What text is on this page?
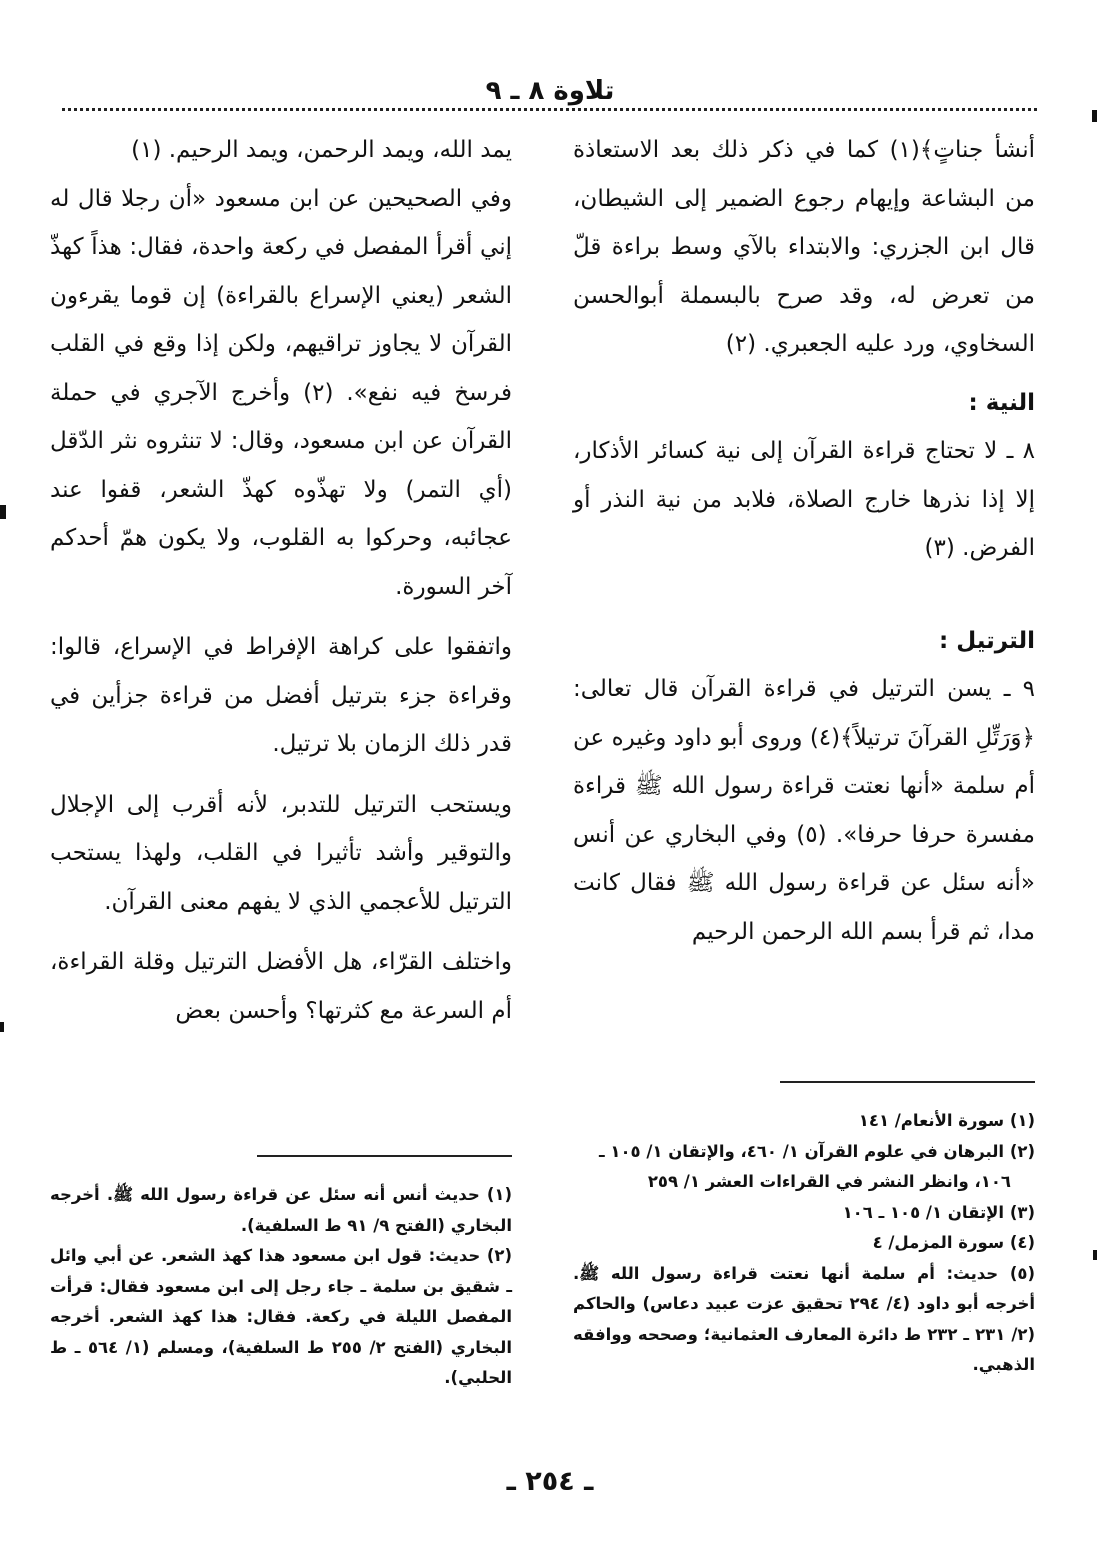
تلاوة ٨ ـ ٩

أنشأ جناتٍ﴾(١) كما في ذكر ذلك بعد الاستعاذة من البشاعة وإيهام رجوع الضمير إلى الشيطان، قال ابن الجزري: والابتداء بالآي وسط براءة قلّ من تعرض له، وقد صرح بالبسملة أبوالحسن السخاوي، ورد عليه الجعبري. (٢)

النية :

٨ ـ لا تحتاج قراءة القرآن إلى نية كسائر الأذكار، إلا إذا نذرها خارج الصلاة، فلابد من نية النذر أو الفرض. (٣)

الترتيل :

٩ ـ يسن الترتيل في قراءة القرآن قال تعالى: ﴿وَرَتِّلِ القرآنَ ترتيلاً﴾(٤) وروى أبو داود وغيره عن أم سلمة «أنها نعتت قراءة رسول الله ﷺ قراءة مفسرة حرفا حرفا». (٥) وفي البخاري عن أنس «أنه سئل عن قراءة رسول الله ﷺ فقال كانت مدا، ثم قرأ بسم الله الرحمن الرحيم

يمد الله، ويمد الرحمن، ويمد الرحيم. (١)

وفي الصحيحين عن ابن مسعود «أن رجلا قال له إني أقرأ المفصل في ركعة واحدة، فقال: هذاً كهذّ الشعر (يعني الإسراع بالقراءة) إن قوما يقرءون القرآن لا يجاوز تراقيهم، ولكن إذا وقع في القلب فرسخ فيه نفع». (٢) وأخرج الآجري في حملة القرآن عن ابن مسعود، وقال: لا تنثروه نثر الدّقل (أي التمر) ولا تهذّوه كهذّ الشعر، قفوا عند عجائبه، وحركوا به القلوب، ولا يكون همّ أحدكم آخر السورة.

واتفقوا على كراهة الإفراط في الإسراع، قالوا: وقراءة جزء بترتيل أفضل من قراءة جزأين في قدر ذلك الزمان بلا ترتيل.

ويستحب الترتيل للتدبر، لأنه أقرب إلى الإجلال والتوقير وأشد تأثيرا في القلب، ولهذا يستحب الترتيل للأعجمي الذي لا يفهم معنى القرآن.

واختلف القرّاء، هل الأفضل الترتيل وقلة القراءة، أم السرعة مع كثرتها؟ وأحسن بعض

(١) سورة الأنعام/ ١٤١

(٢) البرهان في علوم القرآن ١/ ٤٦٠، والإتقان ١/ ١٠٥ ـ

١٠٦، وانظر النشر في القراءات العشر ١/ ٢٥٩

(٣) الإتقان ١/ ١٠٥ ـ ١٠٦

(٤) سورة المزمل/ ٤

(٥) حديث: أم سلمة أنها نعتت قراءة رسول الله ﷺ. أخرجه أبو داود (٤/ ٢٩٤ تحقيق عزت عبيد دعاس) والحاكم (٢/ ٢٣١ ـ ٢٣٢ ط دائرة المعارف العثمانية؛ وصححه ووافقه الذهبي.

(١) حديث أنس أنه سئل عن قراءة رسول الله ﷺ. أخرجه البخاري (الفتح ٩/ ٩١ ط السلفية).

(٢) حديث: قول ابن مسعود هذا كهذ الشعر. عن أبي وائل ـ شقيق بن سلمة ـ جاء رجل إلى ابن مسعود فقال: قرأت المفصل الليلة في ركعة. فقال: هذا كهذ الشعر. أخرجه البخاري (الفتح ٢/ ٢٥٥ ط السلفية)، ومسلم (١/ ٥٦٤ ـ ط الحلبي).

ـ ٢٥٤ ـ
